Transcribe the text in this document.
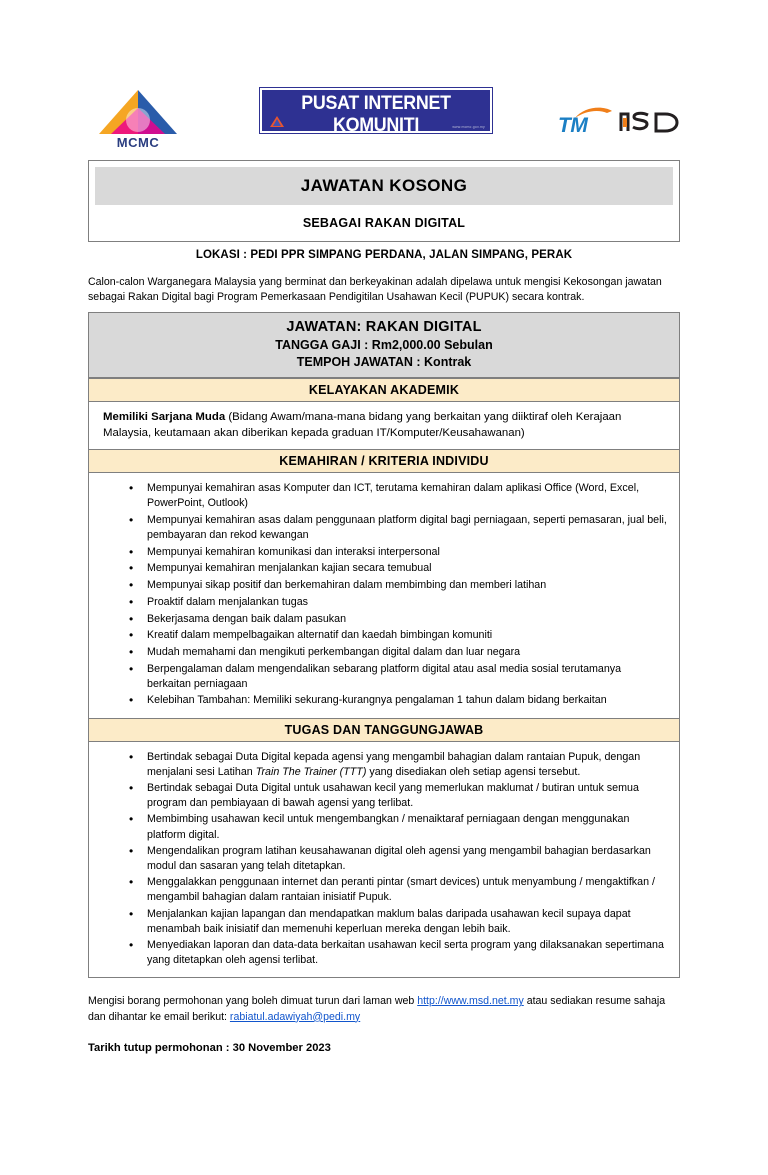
MCMC
PUSAT INTERNET KOMUNITI
PEDi
www.mcmc.gov.my	TM
JAWATAN KOSONG
SEBAGAI RAKAN DIGITAL
LOKASI : PEDI PPR SIMPANG PERDANA, JALAN SIMPANG, PERAK
Calon-calon Warganegara Malaysia yang berminat dan berkeyakinan adalah dipelawa untuk mengisi Kekosongan jawatan sebagai Rakan Digital bagi Program Pemerkasaan Pendigitilan Usahawan Kecil (PUPUK) secara kontrak.
JAWATAN: RAKAN DIGITAL
TANGGA GAJI : Rm2,000.00 Sebulan
TEMPOH JAWATAN : Kontrak
KELAYAKAN AKADEMIK
Memiliki Sarjana Muda (Bidang Awam/mana-mana bidang yang berkaitan yang diiktiraf oleh Kerajaan Malaysia, keutamaan akan diberikan kepada graduan IT/Komputer/Keusahawanan)
KEMAHIRAN / KRITERIA INDIVIDU
• Mempunyai kemahiran asas Komputer dan ICT, terutama kemahiran dalam aplikasi Office (Word, Excel, PowerPoint, Outlook)
• Mempunyai kemahiran asas dalam penggunaan platform digital bagi perniagaan, seperti pemasaran, jual beli, pembayaran dan rekod kewangan
• Mempunyai kemahiran komunikasi dan interaksi interpersonal
• Mempunyai kemahiran menjalankan kajian secara temubual
• Mempunyai sikap positif dan berkemahiran dalam membimbing dan memberi latihan
• Proaktif dalam menjalankan tugas
• Bekerjasama dengan baik dalam pasukan
• Kreatif dalam mempelbagaikan alternatif dan kaedah bimbingan komuniti
• Mudah memahami dan mengikuti perkembangan digital dalam dan luar negara
• Berpengalaman dalam mengendalikan sebarang platform digital atau asal media sosial terutamanya berkaitan perniagaan
• Kelebihan Tambahan: Memiliki sekurang-kurangnya pengalaman 1 tahun dalam bidang berkaitan
TUGAS DAN TANGGUNGJAWAB
• Bertindak sebagai Duta Digital kepada agensi yang mengambil bahagian dalam rantaian Pupuk, dengan menjalani sesi Latihan Train The Trainer (TTT) yang disediakan oleh setiap agensi tersebut.
• Bertindak sebagai Duta Digital untuk usahawan kecil yang memerlukan maklumat / butiran untuk semua program dan pembiayaan di bawah agensi yang terlibat.
• Membimbing usahawan kecil untuk mengembangkan / menaiktaraf perniagaan dengan menggunakan platform digital.
• Mengendalikan program latihan keusahawanan digital oleh agensi yang mengambil bahagian berdasarkan modul dan sasaran yang telah ditetapkan.
• Menggalakkan penggunaan internet dan peranti pintar (smart devices) untuk menyambung / mengaktifkan / mengambil bahagian dalam rantaian inisiatif Pupuk.
• Menjalankan kajian lapangan dan mendapatkan maklum balas daripada usahawan kecil supaya dapat menambah baik inisiatif dan memenuhi keperluan mereka dengan lebih baik.
• Menyediakan laporan dan data-data berkaitan usahawan kecil serta program yang dilaksanakan sepertimana yang ditetapkan oleh agensi terlibat.
Mengisi borang permohonan yang boleh dimuat turun dari laman web http://www.msd.net.my atau sediakan resume sahaja dan dihantar ke email berikut: rabiatul.adawiyah@pedi.my
Tarikh tutup permohonan : 30 November 2023
